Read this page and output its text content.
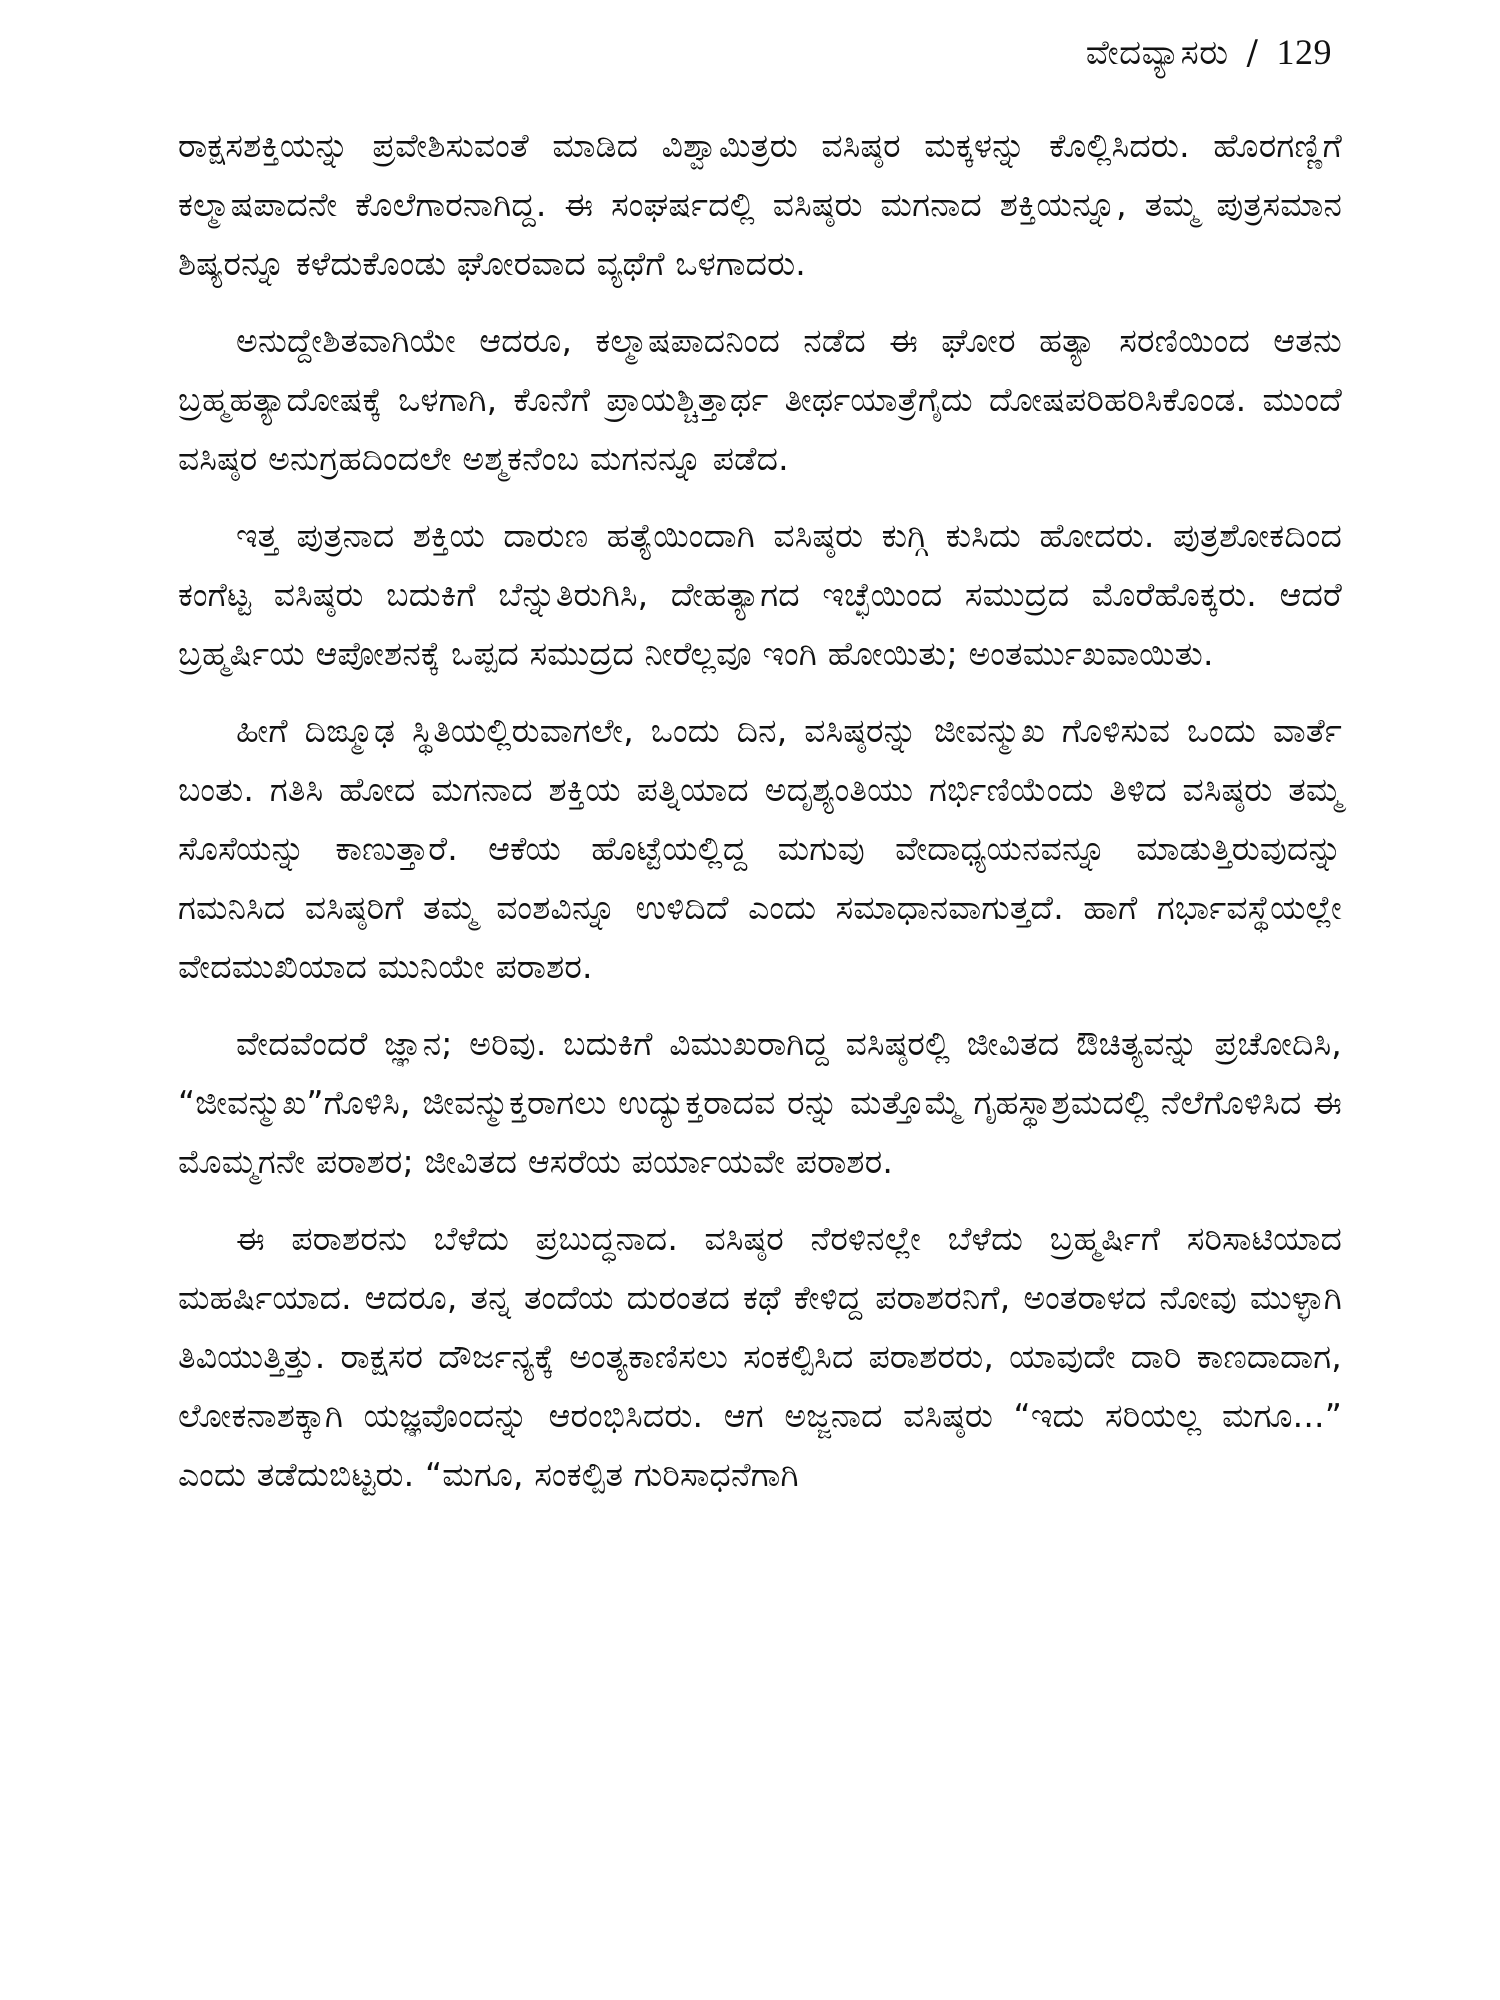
ವೇದವ್ಯಾಸರು / 129

ರಾಕ್ಷಸಶಕ್ತಿಯನ್ನು ಪ್ರವೇಶಿಸುವಂತೆ ಮಾಡಿದ ವಿಶ್ವಾಮಿತ್ರರು ವಸಿಷ್ಠರ ಮಕ್ಕಳನ್ನು ಕೊಲ್ಲಿಸಿದರು. ಹೊರಗಣ್ಣಿಗೆ ಕಲ್ಮಾಷಪಾದನೇ ಕೊಲೆಗಾರನಾಗಿದ್ದ. ಈ ಸಂಘರ್ಷದಲ್ಲಿ ವಸಿಷ್ಠರು ಮಗನಾದ ಶಕ್ತಿಯನ್ನೂ, ತಮ್ಮ ಪುತ್ರಸಮಾನ ಶಿಷ್ಯರನ್ನೂ ಕಳೆದುಕೊಂಡು ಘೋರವಾದ ವ್ಯಥೆಗೆ ಒಳಗಾದರು.

ಅನುದ್ದೇಶಿತವಾಗಿಯೇ ಆದರೂ, ಕಲ್ಮಾಷಪಾದನಿಂದ ನಡೆದ ಈ ಘೋರ ಹತ್ಯಾ ಸರಣಿಯಿಂದ ಆತನು ಬ್ರಹ್ಮಹತ್ಯಾದೋಷಕ್ಕೆ ಒಳಗಾಗಿ, ಕೊನೆಗೆ ಪ್ರಾಯಶ್ಚಿತ್ತಾರ್ಥ ತೀರ್ಥಯಾತ್ರೆಗೈದು ದೋಷಪರಿಹರಿಸಿಕೊಂಡ. ಮುಂದೆ ವಸಿಷ್ಠರ ಅನುಗ್ರಹದಿಂದಲೇ ಅಶ್ಮಕನೆಂಬ ಮಗನನ್ನೂ ಪಡೆದ.

ಇತ್ತ ಪುತ್ರನಾದ ಶಕ್ತಿಯ ದಾರುಣ ಹತ್ಯೆಯಿಂದಾಗಿ ವಸಿಷ್ಠರು ಕುಗ್ಗಿ ಕುಸಿದು ಹೋದರು. ಪುತ್ರಶೋಕದಿಂದ ಕಂಗೆಟ್ಟ ವಸಿಷ್ಠರು ಬದುಕಿಗೆ ಬೆನ್ನುತಿರುಗಿಸಿ, ದೇಹತ್ಯಾಗದ ಇಚ್ಛೆಯಿಂದ ಸಮುದ್ರದ ಮೊರೆಹೊಕ್ಕರು. ಆದರೆ ಬ್ರಹ್ಮರ್ಷಿಯ ಆಪೋಶನಕ್ಕೆ ಒಪ್ಪದ ಸಮುದ್ರದ ನೀರೆಲ್ಲವೂ ಇಂಗಿ ಹೋಯಿತು; ಅಂತರ್ಮುಖವಾಯಿತು.

ಹೀಗೆ ದಿಙ್ಮೂಢ ಸ್ಥಿತಿಯಲ್ಲಿರುವಾಗಲೇ, ಒಂದು ದಿನ, ವಸಿಷ್ಠರನ್ನು ಜೀವನ್ಮುಖ ಗೊಳಿಸುವ ಒಂದು ವಾರ್ತೆ ಬಂತು. ಗತಿಸಿ ಹೋದ ಮಗನಾದ ಶಕ್ತಿಯ ಪತ್ನಿಯಾದ ಅದೃಶ್ಯಂತಿಯು ಗರ್ಭಿಣಿಯೆಂದು ತಿಳಿದ ವಸಿಷ್ಠರು ತಮ್ಮ ಸೊಸೆಯನ್ನು ಕಾಣುತ್ತಾರೆ. ಆಕೆಯ ಹೊಟ್ಟೆಯಲ್ಲಿದ್ದ ಮಗುವು ವೇದಾಧ್ಯಯನವನ್ನೂ ಮಾಡುತ್ತಿರುವುದನ್ನು ಗಮನಿಸಿದ ವಸಿಷ್ಠರಿಗೆ ತಮ್ಮ ವಂಶವಿನ್ನೂ ಉಳಿದಿದೆ ಎಂದು ಸಮಾಧಾನವಾಗುತ್ತದೆ. ಹಾಗೆ ಗರ್ಭಾವಸ್ಥೆಯಲ್ಲೇ ವೇದಮುಖಿಯಾದ ಮುನಿಯೇ ಪರಾಶರ.

ವೇದವೆಂದರೆ ಜ್ಞಾನ; ಅರಿವು. ಬದುಕಿಗೆ ವಿಮುಖರಾಗಿದ್ದ ವಸಿಷ್ಠರಲ್ಲಿ ಜೀವಿತದ ಔಚಿತ್ಯವನ್ನು ಪ್ರಚೋದಿಸಿ, “ಜೀವನ್ಮುಖ”ಗೊಳಿಸಿ, ಜೀವನ್ಮುಕ್ತರಾಗಲು ಉದ್ಯುಕ್ತರಾದವ ರನ್ನು ಮತ್ತೊಮ್ಮೆ ಗೃಹಸ್ಥಾಶ್ರಮದಲ್ಲಿ ನೆಲೆಗೊಳಿಸಿದ ಈ ಮೊಮ್ಮಗನೇ ಪರಾಶರ; ಜೀವಿತದ ಆಸರೆಯ ಪರ್ಯಾಯವೇ ಪರಾಶರ.

ಈ ಪರಾಶರನು ಬೆಳೆದು ಪ್ರಬುದ್ಧನಾದ. ವಸಿಷ್ಠರ ನೆರಳಿನಲ್ಲೇ ಬೆಳೆದು ಬ್ರಹ್ಮರ್ಷಿಗೆ ಸರಿಸಾಟಿಯಾದ ಮಹರ್ಷಿಯಾದ. ಆದರೂ, ತನ್ನ ತಂದೆಯ ದುರಂತದ ಕಥೆ ಕೇಳಿದ್ದ ಪರಾಶರನಿಗೆ, ಅಂತರಾಳದ ನೋವು ಮುಳ್ಳಾಗಿ ತಿವಿಯುತ್ತಿತ್ತು. ರಾಕ್ಷಸರ ದೌರ್ಜನ್ಯಕ್ಕೆ ಅಂತ್ಯಕಾಣಿಸಲು ಸಂಕಲ್ಪಿಸಿದ ಪರಾಶರರು, ಯಾವುದೇ ದಾರಿ ಕಾಣದಾದಾಗ, ಲೋಕನಾಶಕ್ಕಾಗಿ ಯಜ್ಞವೊಂದನ್ನು ಆರಂಭಿಸಿದರು. ಆಗ ಅಜ್ಜನಾದ ವಸಿಷ್ಠರು “ಇದು ಸರಿಯಲ್ಲ ಮಗೂ...” ಎಂದು ತಡೆದುಬಿಟ್ಟರು. “ಮಗೂ, ಸಂಕಲ್ಪಿತ ಗುರಿಸಾಧನೆಗಾಗಿ
